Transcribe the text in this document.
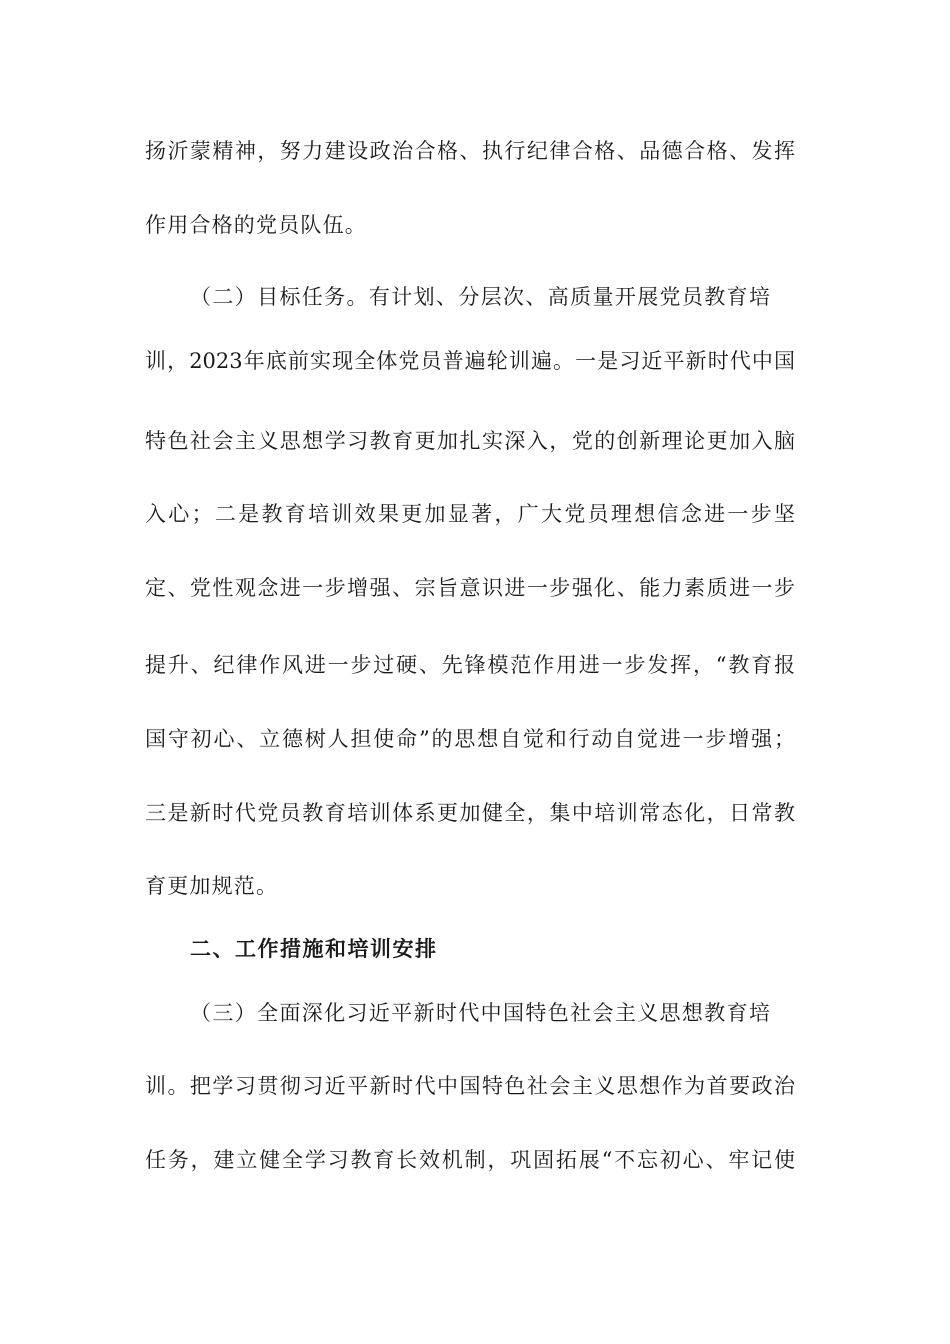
扬沂蒙精神，努力建设政治合格、执行纪律合格、品德合格、发挥
作用合格的党员队伍。
（二）目标任务。有计划、分层次、高质量开展党员教育培
训，2023年底前实现全体党员普遍轮训遍。一是习近平新时代中国
特色社会主义思想学习教育更加扎实深入，党的创新理论更加入脑
入心；二是教育培训效果更加显著，广大党员理想信念进一步坚
定、党性观念进一步增强、宗旨意识进一步强化、能力素质进一步
提升、纪律作风进一步过硬、先锋模范作用进一步发挥，“教育报
国守初心、立德树人担使命”的思想自觉和行动自觉进一步增强；
三是新时代党员教育培训体系更加健全，集中培训常态化，日常教
育更加规范。
二、工作措施和培训安排
（三）全面深化习近平新时代中国特色社会主义思想教育培
训。把学习贯彻习近平新时代中国特色社会主义思想作为首要政治
任务，建立健全学习教育长效机制，巩固拓展“不忘初心、牢记使
